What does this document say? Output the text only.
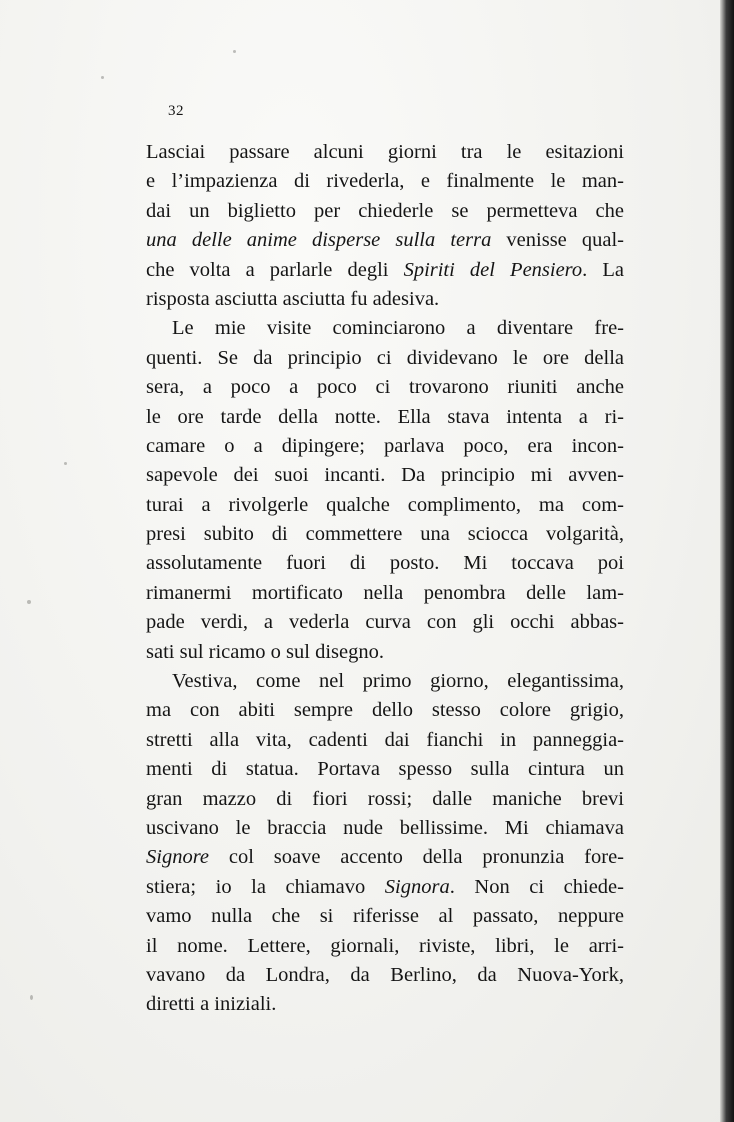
32
Lasciai passare alcuni giorni tra le esitazioni
e l’impazienza di rivederla, e finalmente le man-
dai un biglietto per chiederle se permetteva che
una delle anime disperse sulla terra venisse qual-
che volta a parlarle degli Spiriti del Pensiero. La
risposta asciutta asciutta fu adesiva.
Le mie visite cominciarono a diventare fre-
quenti. Se da principio ci dividevano le ore della
sera, a poco a poco ci trovarono riuniti anche
le ore tarde della notte. Ella stava intenta a ri-
camare o a dipingere; parlava poco, era incon-
sapevole dei suoi incanti. Da principio mi avven-
turai a rivolgerle qualche complimento, ma com-
presi subito di commettere una sciocca volgarità,
assolutamente fuori di posto. Mi toccava poi
rimanermi mortificato nella penombra delle lam-
pade verdi, a vederla curva con gli occhi abbas-
sati sul ricamo o sul disegno.
Vestiva, come nel primo giorno, elegantissima,
ma con abiti sempre dello stesso colore grigio,
stretti alla vita, cadenti dai fianchi in panneggia-
menti di statua. Portava spesso sulla cintura un
gran mazzo di fiori rossi; dalle maniche brevi
uscivano le braccia nude bellissime. Mi chiamava
Signore col soave accento della pronunzia fore-
stiera; io la chiamavo Signora. Non ci chiede-
vamo nulla che si riferisse al passato, neppure
il nome. Lettere, giornali, riviste, libri, le arri-
vavano da Londra, da Berlino, da Nuova-York,
diretti a iniziali.
